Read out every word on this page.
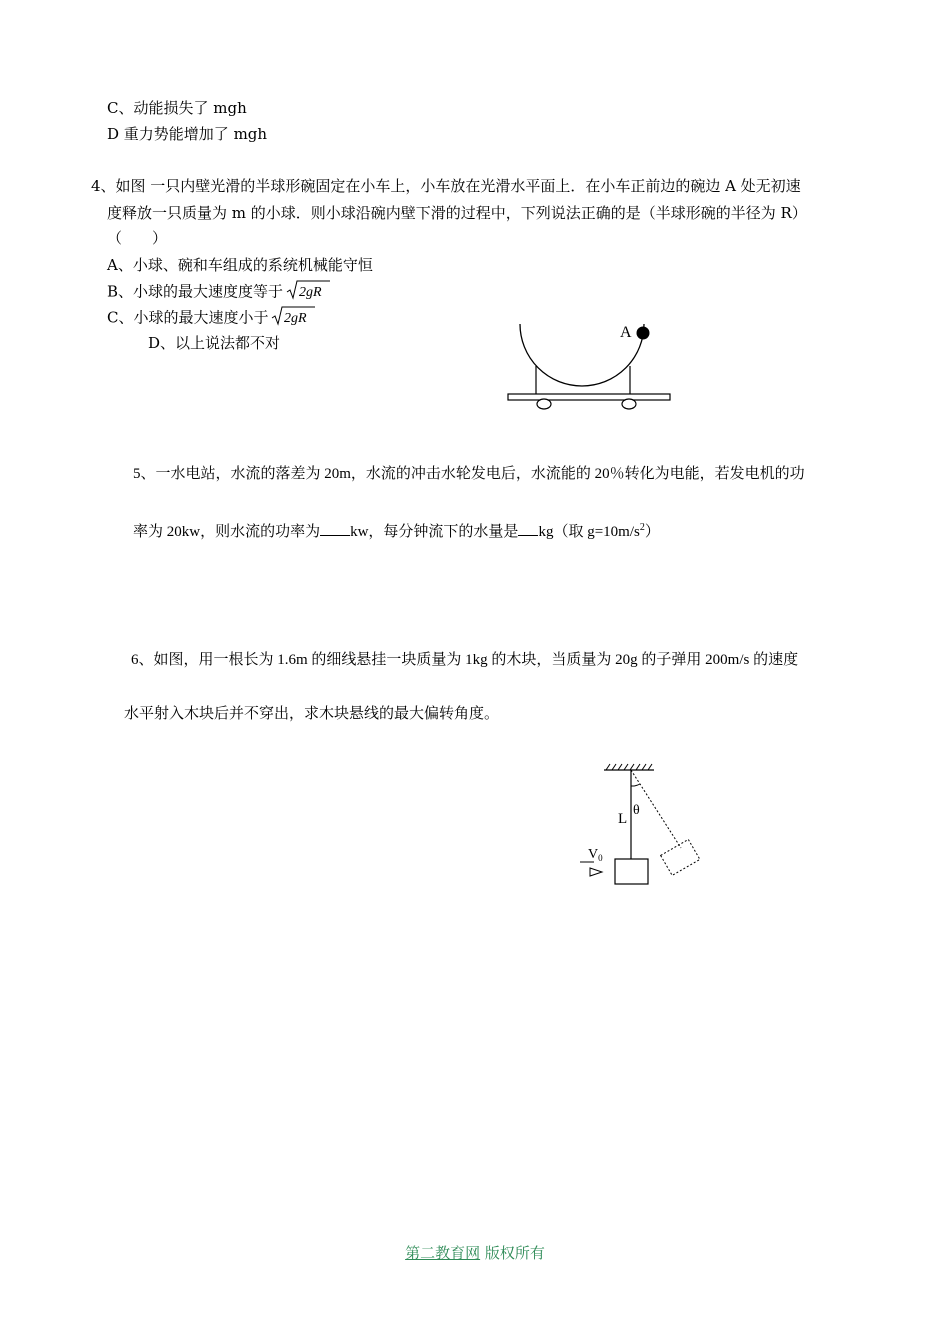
C、动能损失了 mgh
D 重力势能增加了 mgh
4、如图 一只内壁光滑的半球形碗固定在小车上，小车放在光滑水平面上．在小车正前边的碗边 A 处无初速
度释放一只质量为 m 的小球．则小球沿碗内壁下滑的过程中，下列说法正确的是（半球形碗的半径为 R）
（　　）
A、小球、碗和车组成的系统机械能守恒
B、小球的最大速度度等于 2gR
C、小球的最大速度小于 2gR
D、以上说法都不对
A
5、一水电站，水流的落差为 20m，水流的冲击水轮发电后，水流能的 20％转化为电能，若发电机的功
率为 20kw，则水流的功率为 kw，每分钟流下的水量是 kg（取 $g=10m/s^2$）
6、如图，用一根长为 1.6m 的细线悬挂一块质量为 1kg 的木块，当质量为 20g 的子弹用 200m/s 的速度
水平射入木块后并不穿出，求木块悬线的最大偏转角度。
L
θ
$V_0$
第二教育网 版权所有
